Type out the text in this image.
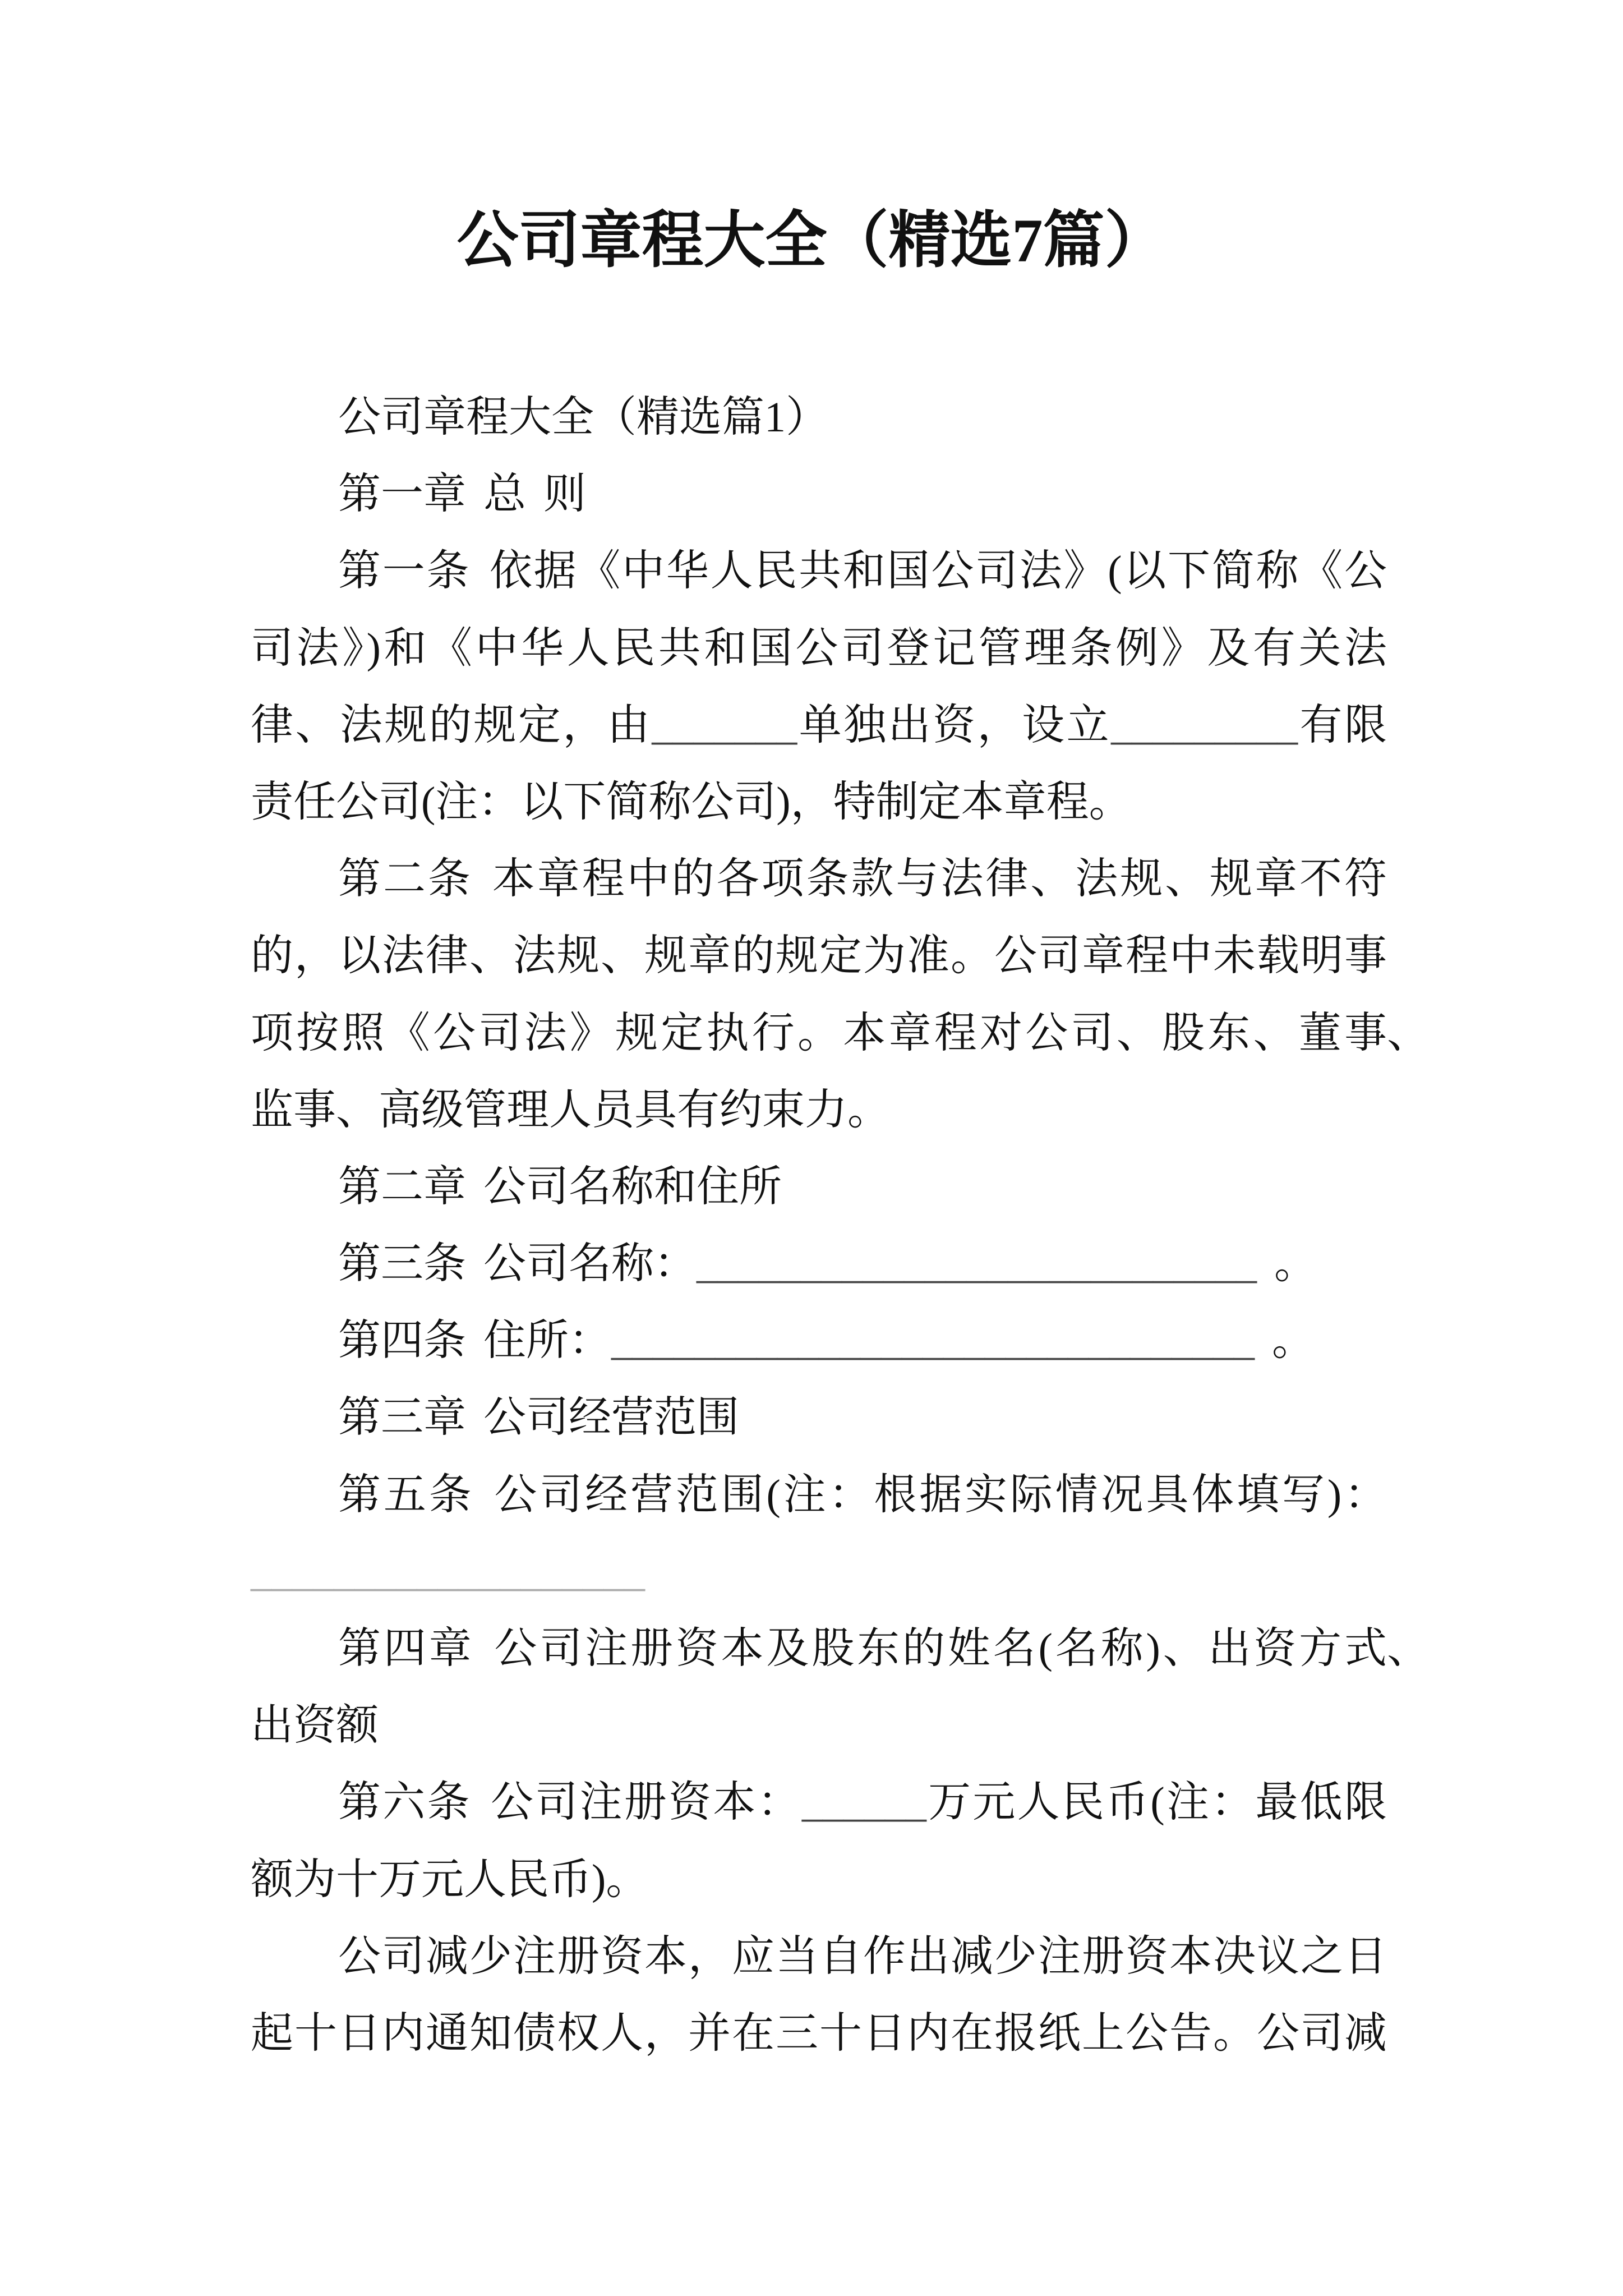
公司章程大全（精选7篇）
公司章程大全（精选篇1）
第一章 总 则
第一条 依据《中华人民共和国公司法》(以下简称《公
司法》)和《中华人民共和国公司登记管理条例》及有关法
律、法规的规定，由_______单独出资，设立_________有限
责任公司(注：以下简称公司)，特制定本章程。
第二条 本章程中的各项条款与法律、法规、规章不符
的，以法律、法规、规章的规定为准。公司章程中未载明事
项按照《公司法》规定执行。本章程对公司、股东、董事 、
监事、高级管理人员具有约束力。
第二章 公司名称和住所
第三条 公司名称：___________________________ 。
第四条 住所：_______________________________ 。
第三章 公司经营范围
第五条 公司经营范围(注：根据实际情况具体填写)：
___________________
第四章 公司注册资本及股东的姓名(名称)、出资方式 、
出资额
第六条 公司注册资本：______万元人民币(注：最低限
额为十万元人民币)。
公司减少注册资本，应当自作出减少注册资本决议之日
起十日内通知债权人，并在三十日内在报纸上公告。公司减
